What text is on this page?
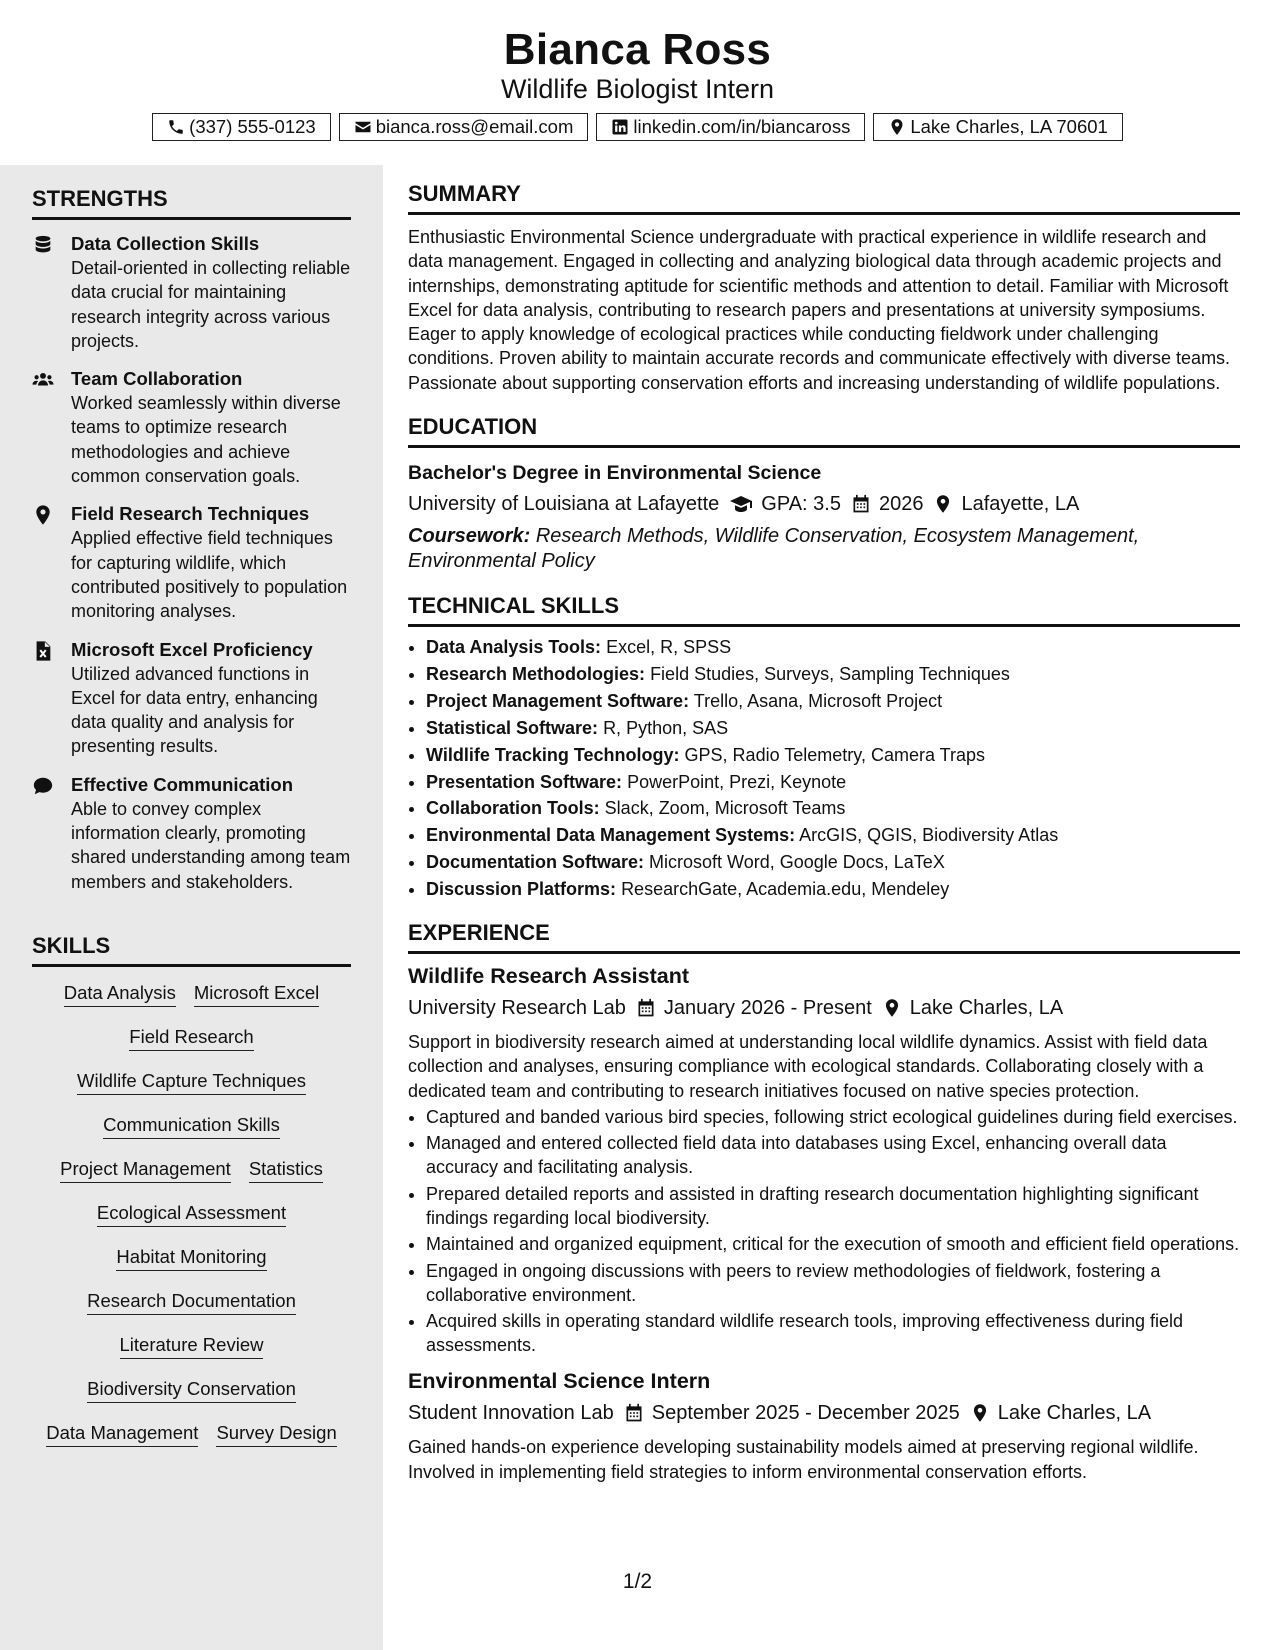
Bianca Ross
Wildlife Biologist Intern
(337) 555-0123	bianca.ross@email.com	linkedin.com/in/biancaross	Lake Charles, LA 70601
STRENGTHS
Data Collection Skills
Detail-oriented in collecting reliable data crucial for maintaining research integrity across various projects.
Team Collaboration
Worked seamlessly within diverse teams to optimize research methodologies and achieve common conservation goals.
Field Research Techniques
Applied effective field techniques for capturing wildlife, which contributed positively to population monitoring analyses.
Microsoft Excel Proficiency
Utilized advanced functions in Excel for data entry, enhancing data quality and analysis for presenting results.
Effective Communication
Able to convey complex information clearly, promoting shared understanding among team members and stakeholders.
SKILLS
Data Analysis Microsoft Excel
Field Research
Wildlife Capture Techniques
Communication Skills
Project Management Statistics
Ecological Assessment
Habitat Monitoring
Research Documentation
Literature Review
Biodiversity Conservation
Data Management Survey Design
SUMMARY
Enthusiastic Environmental Science undergraduate with practical experience in wildlife research and data management. Engaged in collecting and analyzing biological data through academic projects and internships, demonstrating aptitude for scientific methods and attention to detail. Familiar with Microsoft Excel for data analysis, contributing to research papers and presentations at university symposiums. Eager to apply knowledge of ecological practices while conducting fieldwork under challenging conditions. Proven ability to maintain accurate records and communicate effectively with diverse teams. Passionate about supporting conservation efforts and increasing understanding of wildlife populations.
EDUCATION
Bachelor's Degree in Environmental Science
University of Louisiana at Lafayette GPA: 3.5 2026 Lafayette, LA
Coursework: Research Methods, Wildlife Conservation, Ecosystem Management, Environmental Policy
TECHNICAL SKILLS
• Data Analysis Tools: Excel, R, SPSS
• Research Methodologies: Field Studies, Surveys, Sampling Techniques
• Project Management Software: Trello, Asana, Microsoft Project
• Statistical Software: R, Python, SAS
• Wildlife Tracking Technology: GPS, Radio Telemetry, Camera Traps
• Presentation Software: PowerPoint, Prezi, Keynote
• Collaboration Tools: Slack, Zoom, Microsoft Teams
• Environmental Data Management Systems: ArcGIS, QGIS, Biodiversity Atlas
• Documentation Software: Microsoft Word, Google Docs, LaTeX
• Discussion Platforms: ResearchGate, Academia.edu, Mendeley
EXPERIENCE
Wildlife Research Assistant
University Research Lab January 2026 - Present Lake Charles, LA
Support in biodiversity research aimed at understanding local wildlife dynamics. Assist with field data collection and analyses, ensuring compliance with ecological standards. Collaborating closely with a dedicated team and contributing to research initiatives focused on native species protection.
• Captured and banded various bird species, following strict ecological guidelines during field exercises.
• Managed and entered collected field data into databases using Excel, enhancing overall data accuracy and facilitating analysis.
• Prepared detailed reports and assisted in drafting research documentation highlighting significant findings regarding local biodiversity.
• Maintained and organized equipment, critical for the execution of smooth and efficient field operations.
• Engaged in ongoing discussions with peers to review methodologies of fieldwork, fostering a collaborative environment.
• Acquired skills in operating standard wildlife research tools, improving effectiveness during field assessments.
Environmental Science Intern
Student Innovation Lab September 2025 - December 2025 Lake Charles, LA
Gained hands-on experience developing sustainability models aimed at preserving regional wildlife. Involved in implementing field strategies to inform environmental conservation efforts.
1/2
